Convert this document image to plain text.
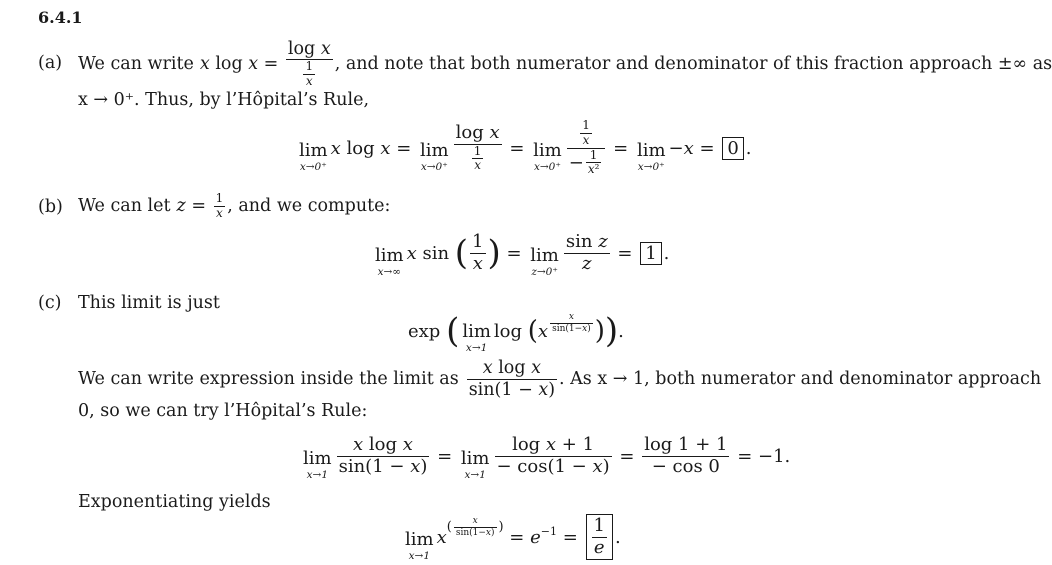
6.4.1
(a) We can write x $\log x = \frac{\text{log x}}{\frac{1}{x}}$ , and note that both numerator and denominator of this fraction approach ±∞ as
x → 0⁺. Thus, by l’Hôpital’s Rule,
lim
x→0⁺
x log x = lim
$x\to 0^+ \frac{\text{log x}}{\frac{1}{x}} = \lim$
$x\to 0^+ \frac{\frac{1}{x}}{- \frac{1}{\text{x²}}} = \lim$
x→0⁺
− x = 0 .
(b) We can let $z = \frac{1}{x}$ , and we compute:
lim
x→∞
x sin ( $\frac{1}{x}$ ) = lim
$z\to 0^+ \frac{\text{sin z}}{z} = 1$ .
(c) This limit is just
exp ( lim
x→1
log ( x $\frac{x}{\sin(1-x)}$ ) ) .
We can write expression inside the limit as $\frac{\text{x log x}}{\sin(1 - x)}$ . As x → 1, both numerator and denominator approach
0, so we can try l’Hôpital’s Rule:
lim
$x\to 1 \frac{\text{x log x}}{\sin(1 - x)} = \lim$
$x\to 1 \frac{\text{log x + 1}}{- \cos(1 - x)} = \frac{\log 1 + 1}{- \cos 0}$
= −1.
Exponentiating yields
lim
x→1
x ( $\frac{x}{\sin(1-x)}$ ) = $e -1 = \frac{1}{e}$ .
